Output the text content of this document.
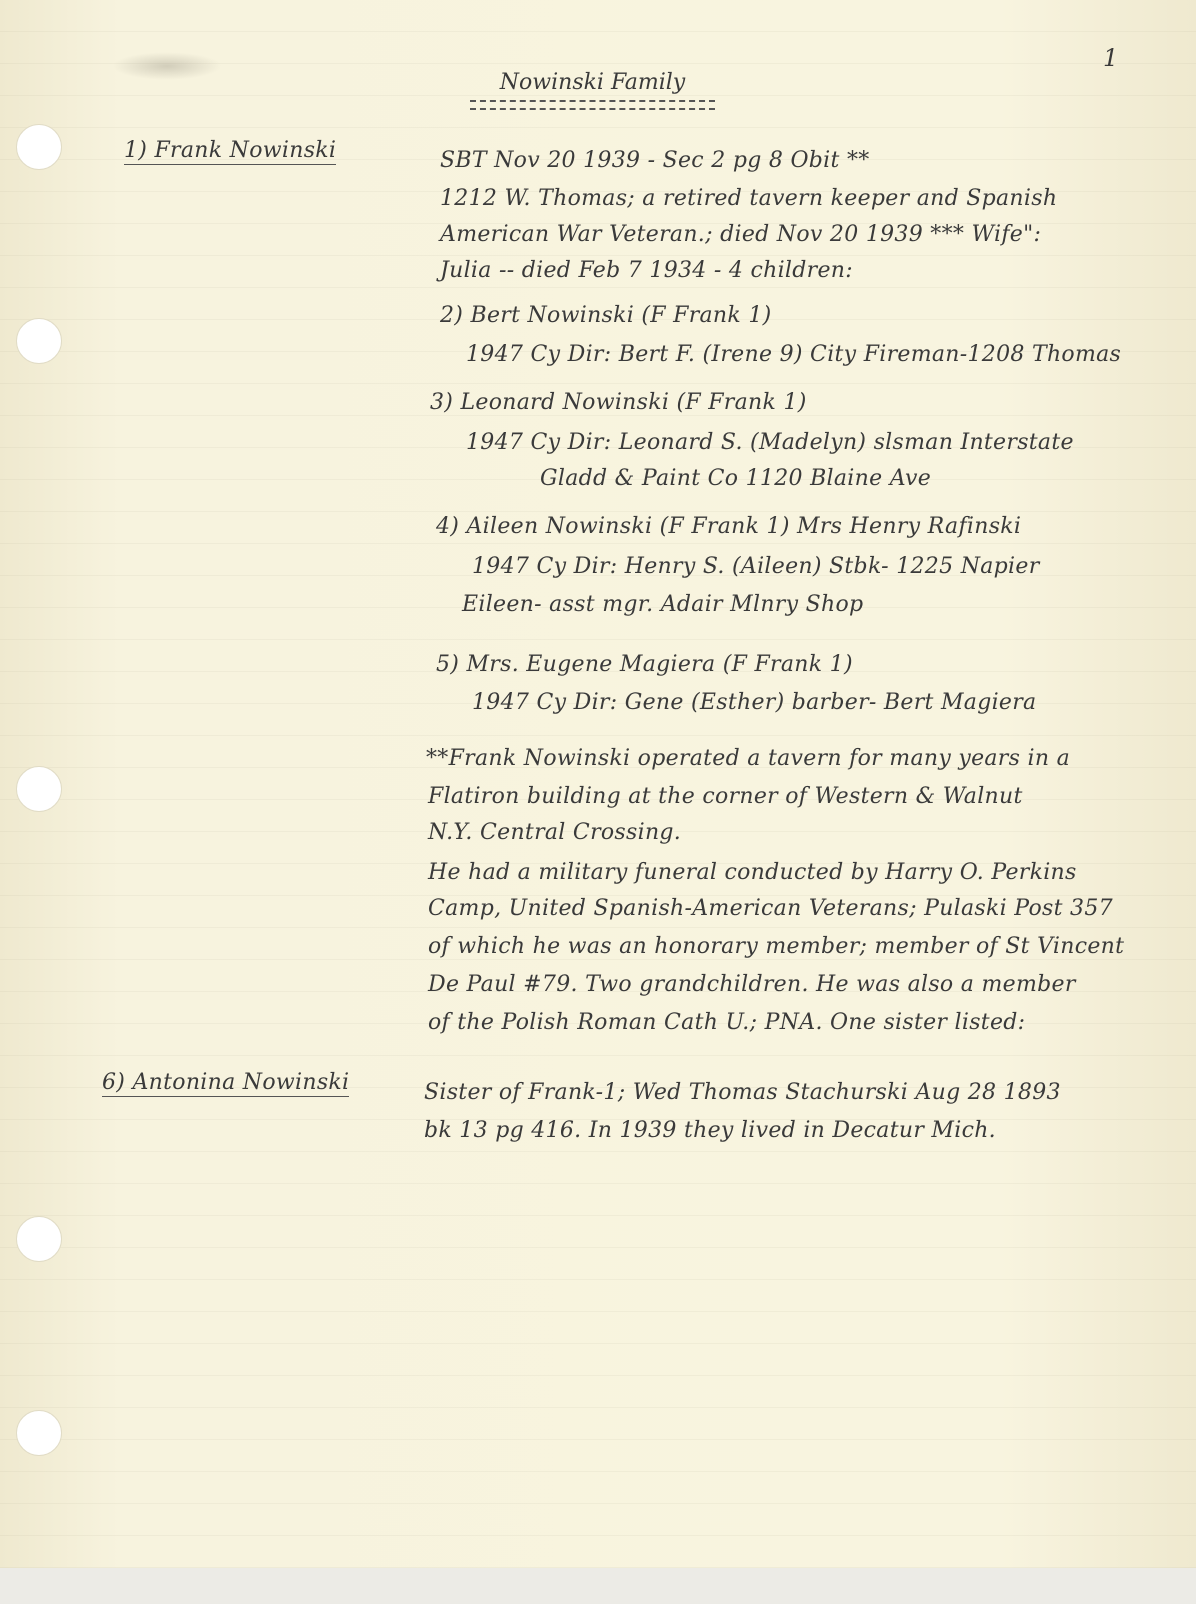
Nowinski Family
1
1) Frank Nowinski	SBT Nov 20 1939 - Sec 2 pg 8 Obit **
1212 W. Thomas; a retired tavern keeper and Spanish
American War Veteran.; died Nov 20 1939 *** Wife":
Julia -- died Feb 7 1934 - 4 children:
2) Bert Nowinski (F Frank 1)
1947 Cy Dir: Bert F. (Irene 9) City Fireman-1208 Thomas
3) Leonard Nowinski (F Frank 1)
1947 Cy Dir: Leonard S. (Madelyn) slsman Interstate
Gladd & Paint Co 1120 Blaine Ave
4) Aileen Nowinski (F Frank 1) Mrs Henry Rafinski
1947 Cy Dir: Henry S. (Aileen) Stbk- 1225 Napier
Eileen- asst mgr. Adair Mlnry Shop
5) Mrs. Eugene Magiera (F Frank 1)
1947 Cy Dir: Gene (Esther) barber- Bert Magiera
**Frank Nowinski operated a tavern for many years in a
Flatiron building at the corner of Western & Walnut
N.Y. Central Crossing.
He had a military funeral conducted by Harry O. Perkins
Camp, United Spanish-American Veterans; Pulaski Post 357
of which he was an honorary member; member of St Vincent
De Paul #79. Two grandchildren. He was also a member
of the Polish Roman Cath U.; PNA. One sister listed:
6) Antonina Nowinski	Sister of Frank-1; Wed Thomas Stachurski Aug 28 1893
bk 13 pg 416. In 1939 they lived in Decatur Mich.
